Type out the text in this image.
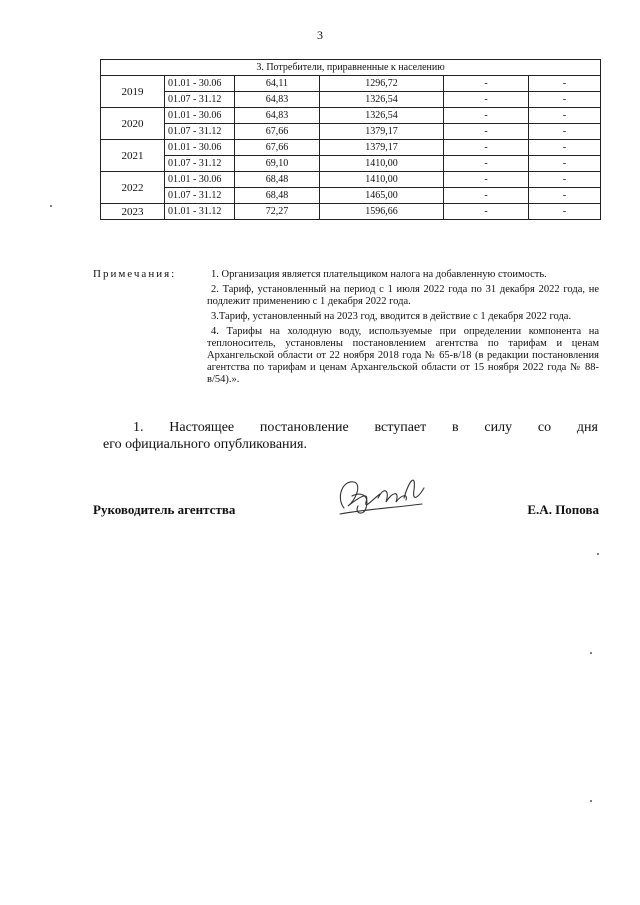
3
3. Потребители, приравненные к населению					
2019	01.01 - 30.06	64,11	1296,72	-	-
	01.07 - 31.12	64,83	1326,54	-	-
2020	01.01 - 30.06	64,83	1326,54	-	-
	01.07 - 31.12	67,66	1379,17	-	-
2021	01.01 - 30.06	67,66	1379,17	-	-
	01.07 - 31.12	69,10	1410,00	-	-
2022	01.01 - 30.06	68,48	1410,00	-	-
	01.07 - 31.12	68,48	1465,00	-	-
2023	01.01 - 31.12	72,27	1596,66	-	-
Примечания:	1. Организация является плательщиком налога на добавленную стоимость.

2. Тариф, установленный на период с 1 июля 2022 года по 31 декабря 2022 года, не подлежит применению с 1 декабря 2022 года.

3.Тариф, установленный на 2023 год, вводится в действие с 1 декабря 2022 года.

4. Тарифы на холодную воду, используемые при определении компонента на теплоноситель, установлены постановлением агентства по тарифам и ценам Архангельской области от 22 ноября 2018 года № 65-в/18 (в редакции постановления агентства по тарифам и ценам Архангельской области от 15 ноября 2022 года № 88-в/54).».

1. Настоящее постановление вступает в силу со дня
его официального опубликования.
Руководитель агентства	Е.А. Попова
